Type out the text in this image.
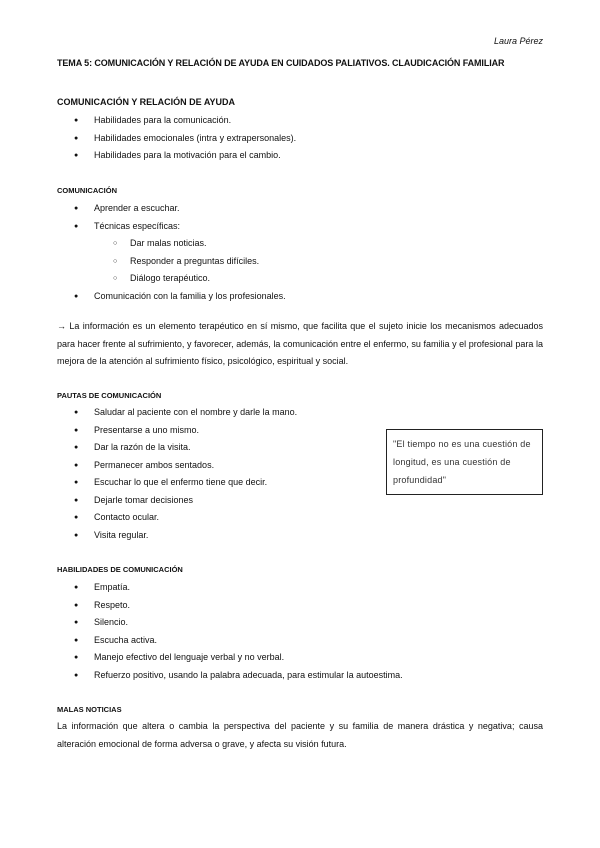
Laura Pérez
TEMA 5: COMUNICACIÓN Y RELACIÓN DE AYUDA EN CUIDADOS PALIATIVOS. CLAUDICACIÓN FAMILIAR
COMUNICACIÓN Y RELACIÓN DE AYUDA
● Habilidades para la comunicación.
● Habilidades emocionales (intra y extrapersonales).
● Habilidades para la motivación para el cambio.
COMUNICACIÓN
● Aprender a escuchar.
● Técnicas específicas:
○ Dar malas noticias.
○ Responder a preguntas difíciles.
○ Diálogo terapéutico.
● Comunicación con la familia y los profesionales.
→ La información es un elemento terapéutico en sí mismo, que facilita que el sujeto inicie los mecanismos adecuados para hacer frente al sufrimiento, y favorecer, además, la comunicación entre el enfermo, su familia y el profesional para la mejora de la atención al sufrimiento físico, psicológico, espiritual y social.
PAUTAS DE COMUNICACIÓN
● Saludar al paciente con el nombre y darle la mano.
● Presentarse a uno mismo.
● Dar la razón de la visita.
● Permanecer ambos sentados.
● Escuchar lo que el enfermo tiene que decir.
● Dejarle tomar decisiones
● Contacto ocular.
● Visita regular.
"El tiempo no es una cuestión de longitud, es una cuestión de profundidad"
HABILIDADES DE COMUNICACIÓN
● Empatía.
● Respeto.
● Silencio.
● Escucha activa.
● Manejo efectivo del lenguaje verbal y no verbal.
● Refuerzo positivo, usando la palabra adecuada, para estimular la autoestima.
MALAS NOTICIAS
La información que altera o cambia la perspectiva del paciente y su familia de manera drástica y negativa; causa alteración emocional de forma adversa o grave, y afecta su visión futura.
